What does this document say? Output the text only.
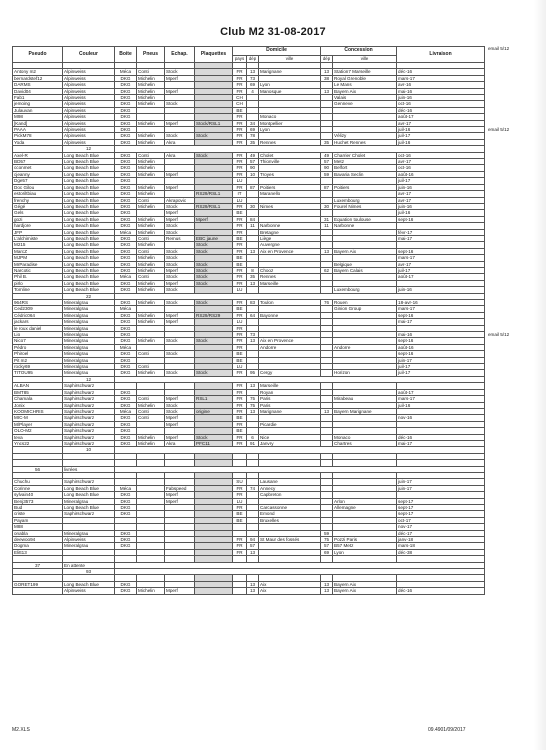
Club M2 31-08-2017
Pseudo	Couleur	Boite	Pneus	Echap.	Plaquettes	Domicile			Concession		Livraison
						pays	dép	ville	dép	ville	

Antony m2	Alpinweiss	Méca	Conti	Stock		FR	13	Marignane	13	Station7 Marseille	déc-16
bernardstef12	Alpinweiss	DKG	Michelin	Mperf		FR	73		38	Royal Grenoble	mars-17
DARMS	Alpinweiss	DKG	Michelin			FR	69	Lyon		Le Mans	avr-16
David04	Alpinweiss	DKG	Michelin	Mperf		FR	4	Manosque	13	Bayern Aix	mai-16
Fab1	Alpinweiss	DKG	Michelin			CH				Valais	juin-16
jemoing	Alpinweiss	DKG	Michelin	Stock		CH				Genneve	oct-16
Julauvan	Alpinweiss	DKG				BE					déc-16
M98	Alpinweiss	DKG				FR		Monaco			août-17
[Kand]	Alpinweiss	DKG	Michelin	Mperf	Stock/RSL1	FR	34	Montpellier			avr-17
PAAA	Alpinweiss	DKG				FR	69	Lyon			juil-16
PickM78	Alpinweiss	DKG	Michelin	Stock	Stock	FR	78			Vélizy	juil-17
Yoda	Alpinweiss	DKG	Michelin	Akra		FR	35	Rennes	35	Huchet Rennes	juil-16
	12										
Axel-R	Long Beach Blue	DKG	Conti	Akra	Stock	FR	49	Cholet	49	Charrier Cholet	oct-16
BD57	Long Beach Blue	DKG	Michelin			FR	57	Thionville	57	Metz	avr-17
cconmet	Long Beach Blue	DKG	Michelin			FR	90		90	Belfort	oct-16
cjeanny	Long Beach Blue	DKG	Michelin	Mperf		FR	10	Troyes	59	Bavaria Seclin	août-16
Dge57	Long Beach Blue	DKG				LU					juil-17
Doc Gilou	Long Beach Blue	DKG	Michelin	Mperf		FR	87	Poitiers	87	Poitiers	juin-16
estoriltbiau	Long Beach Blue	DKG	Michelin		RS29/RSL1	IT		Maranello			avr-17
frenchy	Long Beach Blue	DKG	Conti	Akrapovic		LU				Luxembourg	avr-17
Gégé	Long Beach Blue	DKG	Michelin	Stock	RS29/RSL1	FR	30	Nimes	30	Fourel Nimes	juin-16
Gels	Long Beach Blue	DKG		Mperf		BE					juil-16
gozi	Long Beach Blue	DKG	Michelin	Mperf	Mperf	FR	84		31	Equation toulouse	sept-16
hardjore	Long Beach Blue	DKG	Michelin	Stock		FR	11	Narbonne	11	Narbonne	
JFP	Long Beach Blue	Méca	Michelin	Stock		FR		Bretagne			févr-17
L'alchimiste	Long Beach Blue	DKG	Conti	Remus	EBC jaune	BE		Liège			mai-17
M215	Long Beach Blue	DKG	Michelin		Stock	FR		Auvergne			
MarcZ	Long Beach Blue	DKG	Conti	Stock	Stock	FR	13	Aix en Provence	13	Bayern Aix	sept-16
MJPM	Long Beach Blue	DKG	Michelin	Stock		BE					mars-17
MrParadise	Long Beach Blue	DKG	Michelin	Stock	Stock	BE				Belgique	avr-17
Narcotic	Long Beach Blue	DKG	Michelin	Mperf	Stock	FR	8	Chooz	62	Bayern Calais	juil-17
Phil B.	Long Beach Blue	Méca	Conti	Stock	Stock	FR	35	Rennes			août-17
pirlo	Long Beach Blue	DKG	Michelin	Mperf	Stock	FR	13	Marseille			
Tomline	Long Beach Blue	DKG	Michelin	Stock		LU				Luxembourg	juin-16
	22										
964RS	Mineralgrau	DKG	Michelin	Stock	Stock	FR	83	Toulon	76	Rouen	18-avr-16
Ced2309	Mineralgrau	Méca				BE				Ginion Group	mars-17
Cédric064	Mineralgrau	DKG	Michelin	Mperf	RS29/RS29	FR	64	Bayonne			sept-16
jackars	Mineralgrau	DKG	Michelin	Mperf		LU					mai-17
le roux daniel	Mineralgrau	DKG				FR					
Lio	Mineralgrau	DKG				FR	73				mai-16
Nico7	Mineralgrau	DKG	Michelin	Stock	Stock	FR	13	Aix en Provence			sept-16
Pédro	Mineralgrau	Méca				FR		Andorre		Andorre	août-16
Phiroel	Mineralgrau	DKG	Conti	Stock		BE					sept-16
Pit m2	Mineralgrau	DKG				BE					juin-17
rocky69	Mineralgrau	DKG	Conti			LU					juil-17
TITOU95	Mineralgrau	DKG	Michelin	Stock	Stock	FR	95	Cergy		Horizon	juil-17
	12										
ALBAN	Saphirschwarz					FR	13	Marseille			
BMT85	Saphirschwarz	DKG				FR		Royan			août-17
Chamala	Saphirschwarz	DKG	Conti	Mperf	RSL1	FR	75	Paris		Mirabeau	mars-17
Jonix	Saphirschwarz	DKG	Michelin	Stock		FR	75	Paris			juil-16
KOOMICHRIS	Saphirschwarz	Méca	Conti	Stock	origine	FR	13	Marignane	13	Bayern Marignane	
MIC-M	Saphirschwarz	DKG	Conti	Mperf		BE					nov-16
M/Player	Saphirschwarz	DKG		Mperf		FR		Picardie			
OLO-M2	Saphirschwarz	DKG				BE					
teva	Saphirschwarz	DKG	Michelin	Mperf	Stock	FR	6	Nice		Monaco	déc-16
Yncs22	Saphirschwarz	DKG	Michelin	Akra	PFC11	FR	91	Janvry		Chartres	mai-17
	10										

56	livrées										

Chuchu	Saphirschwarz					SU		Lausane			juin-17
Corinne	Long Beach Blue	Méca		Fabspeed		FR	74	Annecy			juin-17
sylvain40	Long Beach Blue	DKG		Mperf		FR		Capbreton			
Benj3573	Mineralgrau	DKG		Mperf		LU				Arlon	sept-17
Bud	Long Beach Blue	DKG				FR		Carcassonne		Allemagne	sept-17
criste	Saphirschwarz	DKG				BE		Emond			sept-17
Payam						BE		Bruxelles			oct-17
M88											nov-17
onabla	Mineralgrau	DKG							59		déc-17
deewoo94	Alpinweiss	DKG				FR	94	St Maur des fossés	75	Pozzi Paris	janv-18
Dogma	Mineralgrau	DKG				FR	57		57	B57 Metz	mars-18
Elitt13						FR	13		69	Lyon	déc-38

37	En attente										
	93										

GORET199	Long Beach Blue	DKG					13	Aix	13	Bayern Aix	
	Alpinweiss	DKG	Michelin	Mperf			13	Aix	13	Bayern Aix	déc-16
email 5/12
email 5/12
email 5/12
M2.XLS	09.4901/09/2017
